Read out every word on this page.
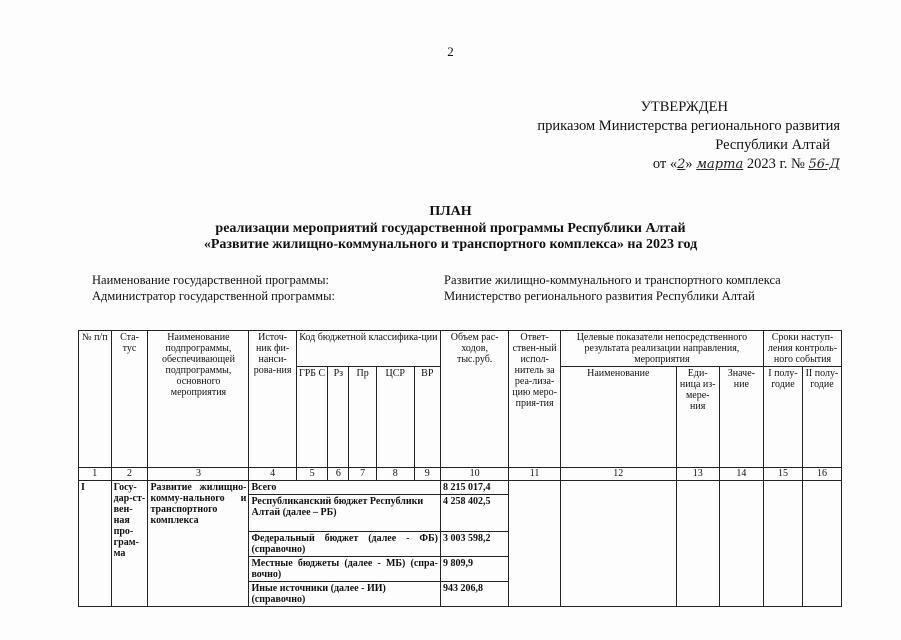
2
УТВЕРЖДЕН
приказом Министерства регионального развития
Республики Алтай
от «2» марта 2023 г. № 56-Д
ПЛАН
реализации мероприятий государственной программы Республики Алтай
«Развитие жилищно-коммунального и транспортного комплекса» на 2023 год
Наименование государственной программы:	Развитие жилищно-коммунального и транспортного комплекса
Администратор государственной программы:	Министерство регионального развития Республики Алтай
№ п/п	Ста-тус	Наименование подпрограммы, обеспечивающей подпрограммы, основного мероприятия	Источ-ник фи-нанси-рова-ния	Код бюджетной классифика-ции					Объем рас-ходов, тыс.руб.	Ответ-ствен-ный испол-нитель за реа-лиза-цию меро-прия-тия	Целевые показатели непосредственного результата реализации направления, мероприятия			Сроки наступ-ления контроль-ного события	
				ГРБ С	Рз	Пр	ЦСР	ВР			Наименование	Еди-ница из-мере-ния	Значе-ние	I полу-годие	II полу-годие
1	2	3	4	5	6	7	8	9	10	11	12	13	14	15	16
I	Госу-дар-ст-вен-ная про-грам-ма	Развитие жилищно-комму-нального и транспортного комплекса	Всего						8 215 017,4						
			Республиканский бюджет Республики Алтай (далее – РБ)						4 258 402,5						
			Федеральный бюджет (далее - ФБ) (справочно)						3 003 598,2						
			Местные бюджеты (далее - МБ) (спра-вочно)						9 809,9						
			Иные источники (далее - ИИ) (справочно)						943 206,8						
